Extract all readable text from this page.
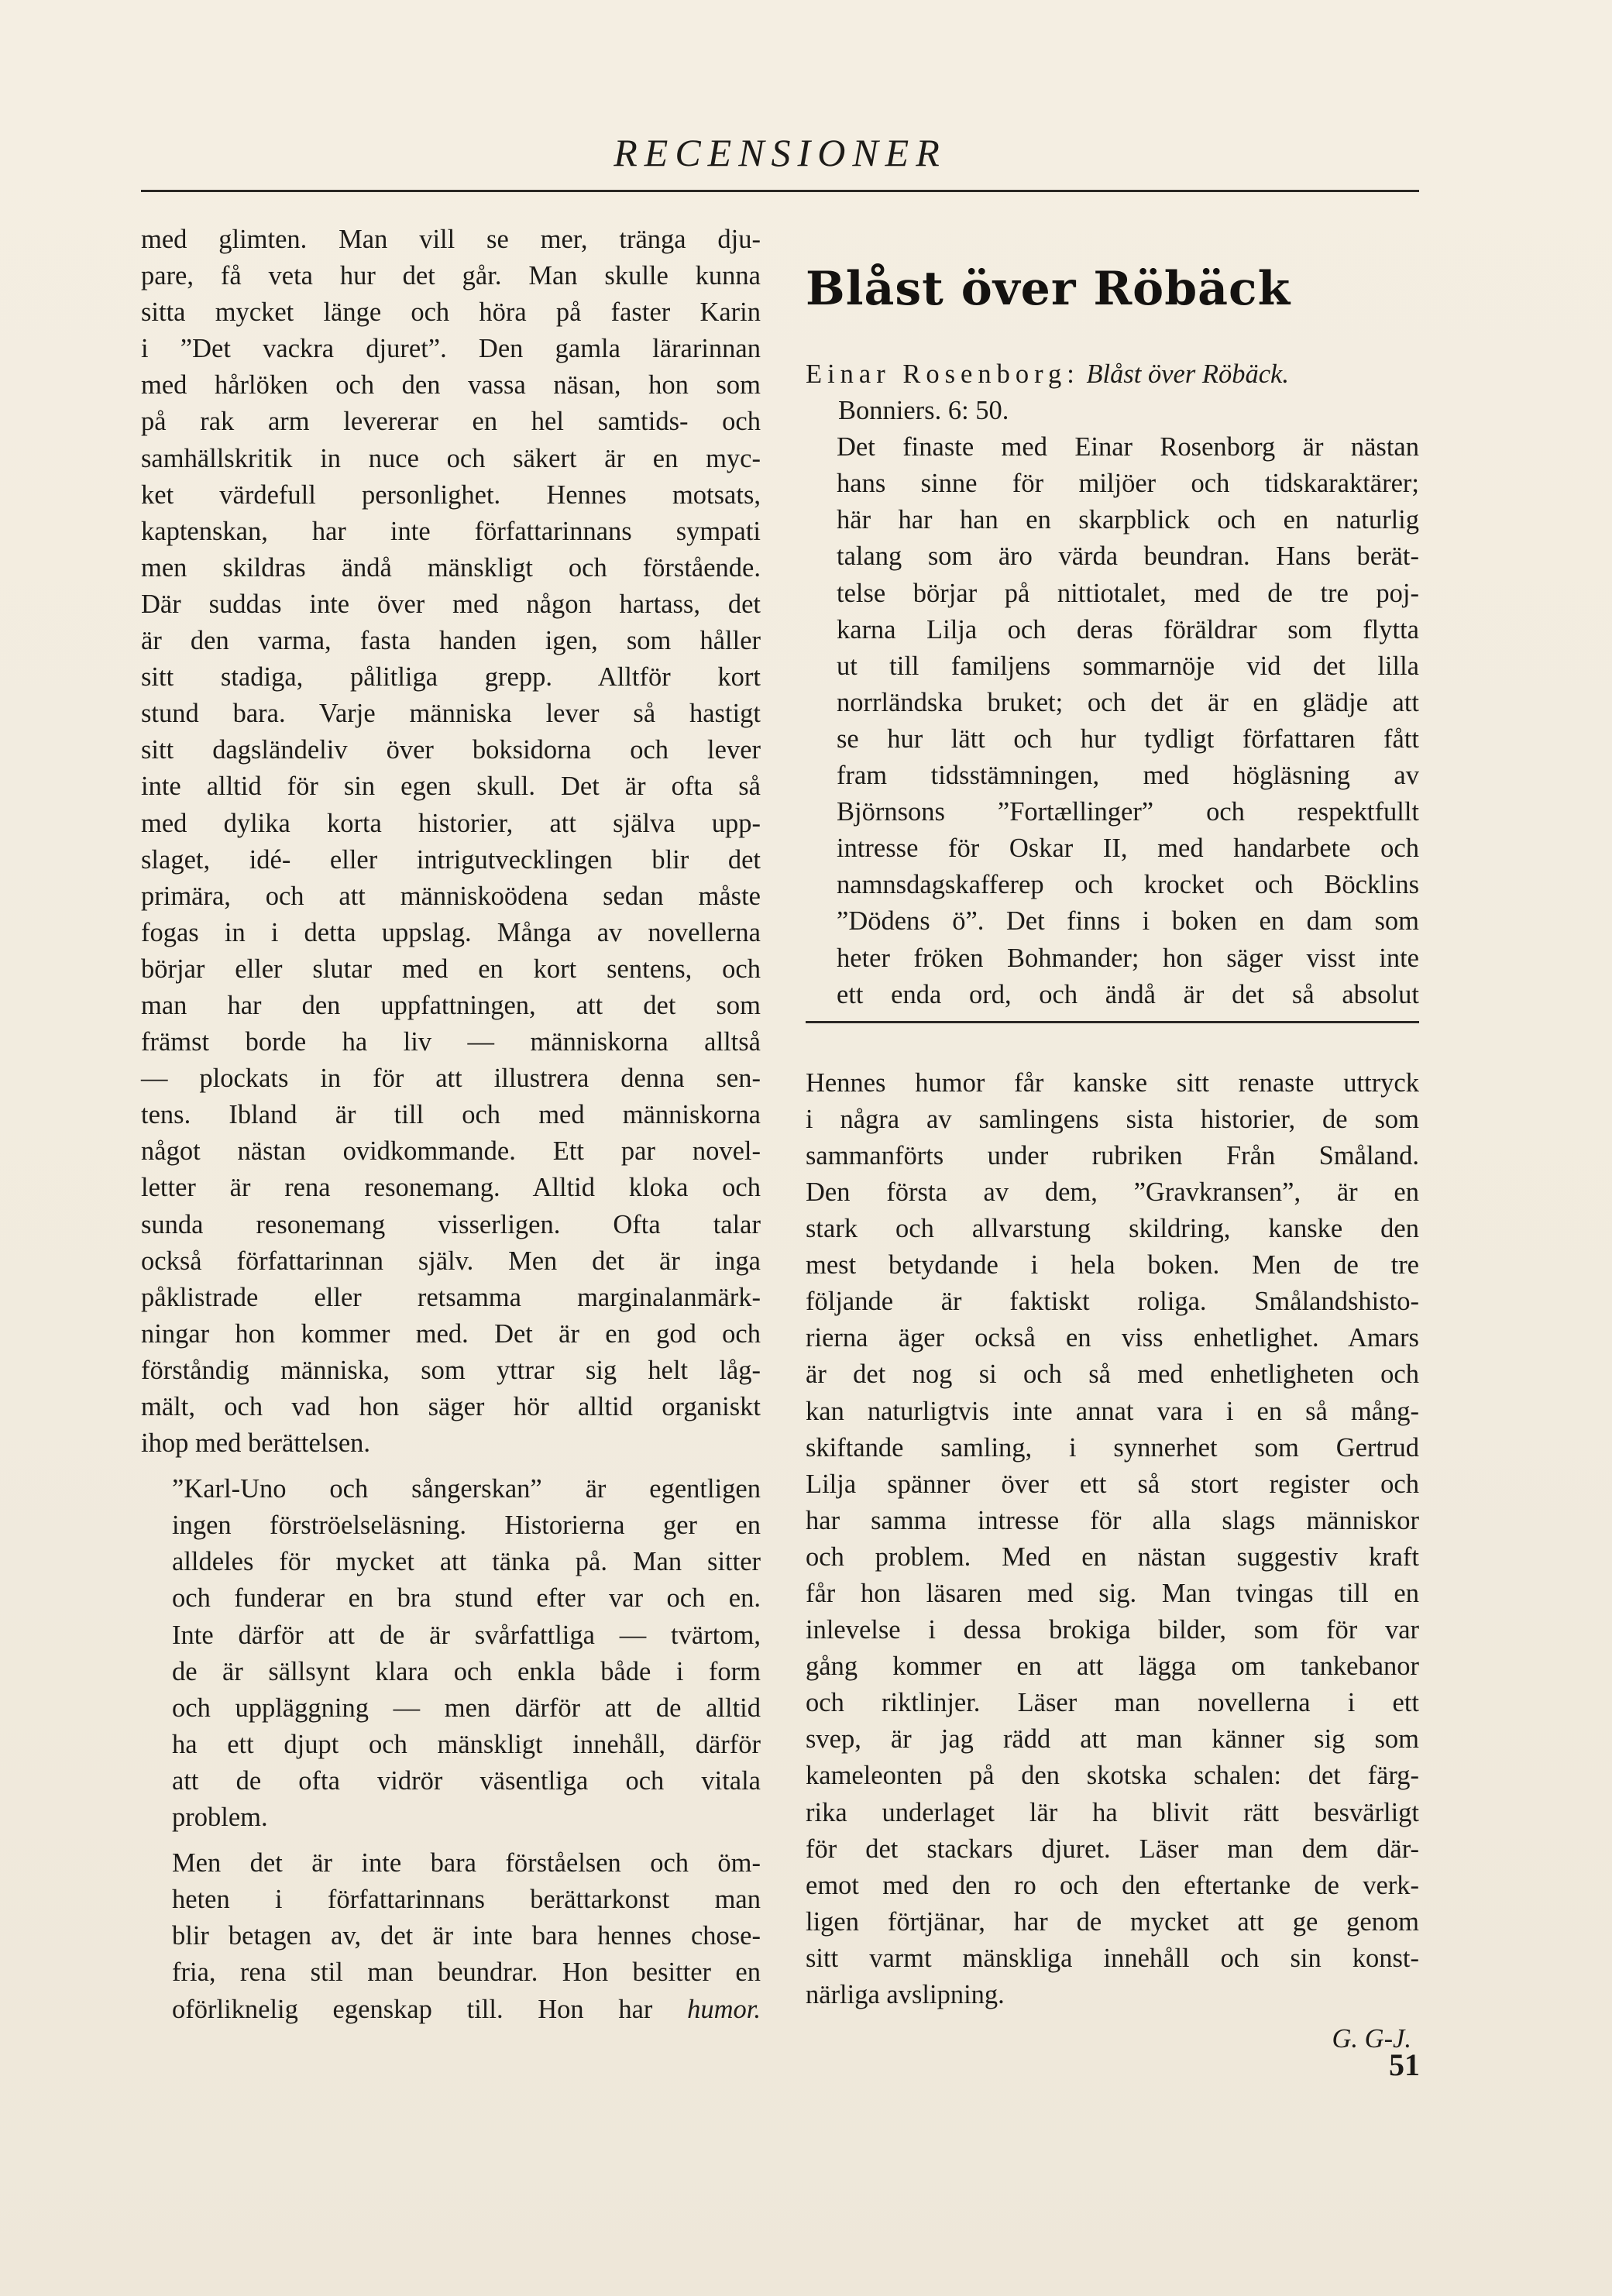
RECENSIONER

med glimten. Man vill se mer, tränga dju-
pare, få veta hur det går. Man skulle kunna
sitta mycket länge och höra på faster Karin
i ”Det vackra djuret”. Den gamla lärarinnan
med hårlöken och den vassa näsan, hon som
på rak arm levererar en hel samtids- och
samhällskritik in nuce och säkert är en myc-
ket värdefull personlighet. Hennes motsats,
kaptenskan, har inte författarinnans sympati
men skildras ändå mänskligt och förstående.
Där suddas inte över med någon hartass, det
är den varma, fasta handen igen, som håller
sitt stadiga, pålitliga grepp. Alltför kort
stund bara. Varje människa lever så hastigt
sitt dagsländeliv över boksidorna och lever
inte alltid för sin egen skull. Det är ofta så
med dylika korta historier, att själva upp-
slaget, idé- eller intrigutvecklingen blir det
primära, och att människoödena sedan måste
fogas in i detta uppslag. Många av novellerna
börjar eller slutar med en kort sentens, och
man har den uppfattningen, att det som
främst borde ha liv — människorna alltså
— plockats in för att illustrera denna sen-
tens. Ibland är till och med människorna
något nästan ovidkommande. Ett par novel-
letter är rena resonemang. Alltid kloka och
sunda resonemang visserligen. Ofta talar
också författarinnan själv. Men det är inga
påklistrade eller retsamma marginalanmärk-
ningar hon kommer med. Det är en god och
förståndig människa, som yttrar sig helt låg-
mält, och vad hon säger hör alltid organiskt
ihop med berättelsen.

”Karl-Uno och sångerskan” är egentligen
ingen förströelseläsning. Historierna ger en
alldeles för mycket att tänka på. Man sitter
och funderar en bra stund efter var och en.
Inte därför att de är svårfattliga — tvärtom,
de är sällsynt klara och enkla både i form
och uppläggning — men därför att de alltid
ha ett djupt och mänskligt innehåll, därför
att de ofta vidrör väsentliga och vitala
problem.

Men det är inte bara förståelsen och öm-
heten i författarinnans berättarkonst man
blir betagen av, det är inte bara hennes chose-
fria, rena stil man beundrar. Hon besitter en
oförliknelig egenskap till. Hon har humor.

Blåst över Röbäck

Einar Rosenborg: Blåst över Röbäck.

Bonniers. 6: 50.

Det finaste med Einar Rosenborg är nästan
hans sinne för miljöer och tidskaraktärer;
här har han en skarpblick och en naturlig
talang som äro värda beundran. Hans berät-
telse börjar på nittiotalet, med de tre poj-
karna Lilja och deras föräldrar som flytta
ut till familjens sommarnöje vid det lilla
norrländska bruket; och det är en glädje att
se hur lätt och hur tydligt författaren fått
fram tidsstämningen, med högläsning av
Björnsons ”Fortællinger” och respektfullt
intresse för Oskar II, med handarbete och
namnsdagskafferep och krocket och Böcklins
”Dödens ö”. Det finns i boken en dam som
heter fröken Bohmander; hon säger visst inte
ett enda ord, och ändå är det så absolut

Hennes humor får kanske sitt renaste uttryck
i några av samlingens sista historier, de som
sammanförts under rubriken Från Småland.
Den första av dem, ”Gravkransen”, är en
stark och allvarstung skildring, kanske den
mest betydande i hela boken. Men de tre
följande är faktiskt roliga. Smålandshisto-
rierna äger också en viss enhetlighet. Amars
är det nog si och så med enhetligheten och
kan naturligtvis inte annat vara i en så mång-
skiftande samling, i synnerhet som Gertrud
Lilja spänner över ett så stort register och
har samma intresse för alla slags människor
och problem. Med en nästan suggestiv kraft
får hon läsaren med sig. Man tvingas till en
inlevelse i dessa brokiga bilder, som för var
gång kommer en att lägga om tankebanor
och riktlinjer. Läser man novellerna i ett
svep, är jag rädd att man känner sig som
kameleonten på den skotska schalen: det färg-
rika underlaget lär ha blivit rätt besvärligt
för det stackars djuret. Läser man dem där-
emot med den ro och den eftertanke de verk-
ligen förtjänar, har de mycket att ge genom
sitt varmt mänskliga innehåll och sin konst-
närliga avslipning.

G. G-J.

51
